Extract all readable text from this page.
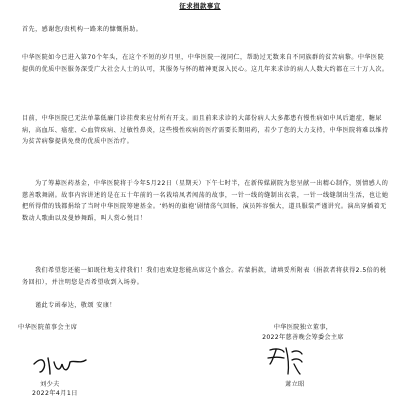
征求捐款事宜

首先，感谢您/贵机构一路来的慷慨捐助。

中华医院如今已进入第70个年头，在这个不短的岁月里，中华医院一视同仁，帮助过无数来自不同族群的贫苦病黎。中华医院提供的优质中医服务深受广大社会人士的认可，其服务与怀的精神更深入民心。这几年来求诊的病人人数大约都在三十万人次。

目前，中华医院已无法单靠低廉门诊挂费来应付所有开支。而且前来求诊的大部份病人大多都患有慢性病如中风后遗症，糖尿病，高血压、癌症、心血管疾病、过敏性鼻炎，这些慢性疾病的医疗需要长期用药，若少了您的大力支持，中华医院将难以维持为贫苦病黎提供免费的优质中医治疗。

为了筹募医药基金，中华医院将于今年5月22日（星期天）下午七时半，在新传媒剧院为您呈献一出精心制作，别情感人的慈善歌舞剧。故事内容讲述的是在五十年前的一名栽培凤者闯荡的故事，一针一线的缝制出衣裳，一针一线缝制出生活，也让她把所得借的钱都捐给了当时中华医院筹建基金。‘妈妈的旗袍’剧情荡气回肠，演员阵容强大，道具服装严谨讲究。演出穿插着无数动人歌曲以及曼妙舞蹈，叫人赏心悦目！

我们希望您还能一如既往地支持我们！我们也欢迎您能出席这个盛会。若蒙捐款，请填妥所附表（捐款者将获得2.5倍的税务回扣），并注明您是否希望收到入场券。

谨此专函奉达，敬颂 安康！

中华医院董事会主席	中华医院独立董事，
2022年慈善晚会筹委会主席
刘少夫
2022年4月1日
萧立昭
